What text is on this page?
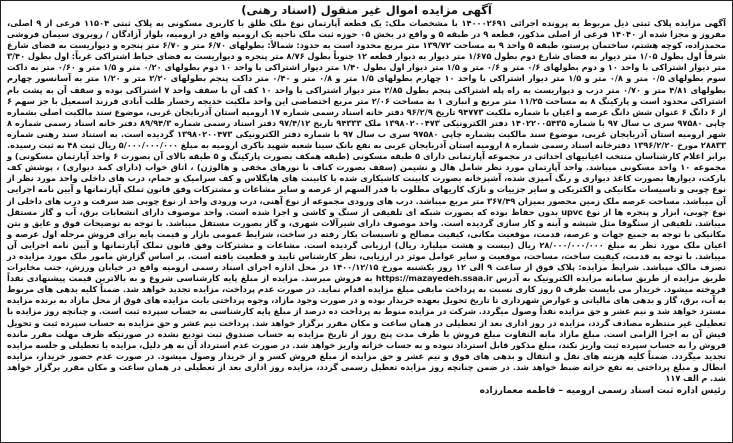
آگهی مزایده اموال غیر منقول (اسناد رهنی)

آگهی مزایده پلاک ثبتی ذیل مربوط به پرونده اجرائی ۱۴۰۰۰۲۶۹۱ با مشخصات ملک: یک قطعه آپارتمان نوع ملک طلق با کاربری مسکونی به پلاک ثبتی ۱۱۵۰۴ فرعی از ۹ اصلی، مفروز و مجزا شده از ۱۴۰۴۰ فرعی از اصلی مذکور، قطعه ۹ در طبقه ۵ و واقع در بخش ۰۵ حوزه ثبت ملک ناحیه یک ارومیه واقع در ارومیه، بلوار آزادگان / روبروی سیمان فروشی محمدزاده، کوچه هشتم، ساختمان پرستو، طبقه ۵ واحد ۹ به مساحت ۱۳۹/۷۲ متر مربع محدود است به حدود: شمالاً: بطولهای ۶/۷۰ متر و ۶/۷۰ متر پنجره و دیواریست به فضای شارع شرقاً اول بطول ۱/۰۵ متر دیوار به فضای شارع دوم بطول ۱/۶۷۵ متر دیوار به دیوار قطعه ۱۲ جنوباً بطول ۸/۷۶ متر پنجره و دیواریست به فضای حیاط اشتراکی غرباً: اول بطول ۳/۴۰ متر دیوار اشتراکی با واحد ۱۰ و دوم بطولهای ۰/۶ متر و ۰/۶ متر و ۱/۵ متر دیوار اول بطول ۱/۴۰ متر دیوار اشتراکی با واحد ۱۰ دوم بطولهای ۰/۲۰ متر و ۱/۵ متر و ۰/۶۰ متر به داکت سوم بطولهای ۰/۵ متر و ۰/۸ متر و ۱/۵ متر دیوار اشتراکی با واحد ۱۰ چهارم بطولهای ۱/۵ متر و ۰/۸ متر و ۰/۴۰ متر داکت پنجم بطولهای ۲/۲۰ متر و ۱/۲۰ متر به آسانسور چهارم بطولهای ۴/۸۱ متر و ۰/۷۰ متر درب و دیواریست به راه پله اشتراکی پنجم بطول ۲/۸۵ متر دیوار اشتراکی با واحد ۱۰ کف آن با سقف واحد ۷ اشتراکی بوده و سقف آن به پشت بام اشتراکی محدود است و پارکینگ ۸ به مساحت ۱۱/۲۵ متر مربع و انباری ۱ به مساحت ۲/۰۶ متر مربع اختصاصی این واحد ملکیت خدیجه رخسار طلب آبادی فرزند اسمعیل با جز سهم ۶ از ۶ دانگ ۶ عنوان شش دانگ عرصه و اعیان با شماره ملکیت ۹۴۷۷۳ تاریخ ۹۶/۲/۹ دفتر خانه اسناد رسمی شماره ۱۷ ارومیه استان آذربایجان غربی، موضوع سند مالکیت اصلی بشماره چاپی ۹۷۵۸۰ سری ب سال ۹۷ با شماره ۱۴۰۲۲۰۰۵۴۳۵ دفتر الکترونیکی ۱۳۹۸۰۲۰۰۴۷۳ ملک ۹۴۳۳۳ تاریخ ۹۷/۴/۱۲ دفتر اسناد رسمی شماره ۸۹/۹۴/۳ دفتر خانه اسناد رسمی شماره ۸ شهر ارومیه استان آذربایجان غربی، موضوع سند مالکیت بشماره چاپی ۹۷۵۸۰ سری ب سال ۹۷ با شماره دفتر الکترونیکی ۱۳۹۸۰۲۰۰۴۷۳ گردیده است. به استناد سند رهنی شماره ۲۸۸۳۳ مورخ ۱۳۹۶/۲/۲۰ دفترخانه اسناد رسمی شماره ۸ ارومیه استان آذربایجان غربی به نفع بانک سینا شعبه شهید باکری ارومیه به مبلغ ۵/۰۰۰/۰۰۰/۰۰۰ ریال ثبت ۴۸ به ثبت رسیده. برابر اعلام کارشناسان منتخب اعیانیهای احداثی در مجموعه آپارتمانی دارای ۵ طبقه مسکونی (طبقه همکف بصورت پارکینگ و ۵ طبقه بالای آن بصورت ۶ واحد آپارتمان مسکونی) و مجموعه ۱۰ واحد مسکونی میباشد. واحد آپارتمان مورد نظر شامل هال و نشیمن (سقف بصورت کناف با نورهای مخفی و هالوژن) ، اتاق خواب (دارای کمد دیواری) ، پوشش کف پارکت، دیوارها بصورت کاغذ دیواری و رنگ آمیزی شده، آشپزخانه بصورت کابینت کاشیکاری شده با کابینت های هایگلاس و کف سرامیک و حمام، درب های داخلی واحد مورد نظر از نوع چوبی و تاسیسات مکانیکی و الکتریکی و سایر جزییات و نازک کاریهای مطلوب با قدر السهم از عرصه و سایر مشاعات و مشترکات وفق قانون تملک آپارتمانها و آیین نامه اجرایی آن میباشد. مساحت عرصه ملک زمین محصور بمیزان ۳۶۷/۴۹ متر مربع میباشد. درب های ورودی مجموعه از نوع آهنی، درب ورودی واحد از نوع چوبی ضد سرقت و درب های داخلی از نوع چوبی، ابزار و پنجره ها از نوع upvc بدون حفاظ بوده که بصورت شبکه ای تلفیقی از سنگ و کاشی و اجرا شده است. واحد موصوف دارای انشعابات برق، آب و گاز مستقل میباشد. تلفیقی از سنگوفا مثل شیشه و آینه و کار سازی گردیده است. واحد موصوف دارای شیرآلات شهری، و گاز بصورت مستقل میباشد. با توجه به توضیحات فوق و عایق و بتن مکانیکی با توجه به جمیع جهات و عرصه، قدمت، موقعیت مکانی، کیفیت مصالح و تاسیسات بکار رفته در ساخت، شرایط عمومی بازار و قیمت پایه برای فروش مرحله اول عرصه و اعیان ملک مورد نظر به مبلغ ۲۸/۰۰۰/۰۰۰/۰۰۰ ریال (بیست و هشت میلیارد ریال) ارزیابی گردیده است. مشاعات و مشترکات وفق قانون تملک آپارتمانها و آیین نامه اجرایی آن میباشد. با توجه به قدمت، کیفیت ساخت، مساحت، موقعیت و سایر عوامل موثر در ارزیابی، نظر کارشناس تایید و قطعیت یافته است. بر اساس گزارش مامور ملک مورد مزایده در تصرف مالک میباشد. شرایط مزایده: پلاک فوق از ساعت ۹ الی ۱۲ روز یکشنبه مورخ ۱۴۰۰/۱۲/۱۵ در محل اداره اجرای اسناد رسمی ارومیه واقع در خیابان ورزش، جنب مخابرات طریق مزایده از طریق سامانه مزایده الکترونیک به آدرس https://mazayedeh.ssaa.ir به فروش میرسد. مزایده از مبلغ پایه کارشناسی شروع و به بالاترین قیمت پیشنهادی نقداً فروخته میشود. خریدار می بایست ظرف ۵ روز کاری نسبت به پرداخت مابقی مبلغ مزایده اقدام نماید. در صورت عدم پرداخت، مزایده تجدید خواهد شد. ضمناً کلیه بدهی های مربوط به آب، برق، گاز و بدهی های مالیاتی و عوارض شهرداری تا تاریخ تحویل بعهده خریدار بوده و در صورت وجود مازاد، وجوه پرداختی بابت مزایده های فوق از محل مازاد به برنده مزایده مسترد خواهد شد و نیم عشر و حق مزایده نقداً وصول میگردد. شرکت در مزایده منوط به پرداخت ده درصد از مبلغ پایه کارشناسی به حساب سپرده ثبت است. و چنانچه روز مزایده با تعطیلی غیر منتظره مصادف گردد، مزایده در روز اداری بعد از تعطیلی در همان ساعت و مکان مقرر برگزار خواهد شد. پرداخت نیم عشر و حق مزایده به حساب سپرده ثبت و تحویل فیش آن به اجرا الزامی است. مبلغ مازاد مابه التفاوت مبلغ فروش با ظرف مدت پنج روز از تاریخ مزایده به حساب صندوق ثبت تودیع نشده در صورتیکه ظرف مهلت مقرر مانده فروش را به حساب سپرده ثبت واریز نکند، مبلغ مذکور قابل استرداد نبوده و به حساب خزانه واریز خواهد شد. در صورت عدم استرداد آن به هر دلیل، مزایده با تعطیلی و جلسه مزایده تجدید میگردد. ضمناً کلیه هزینه های نقل و انتقال و بدهی های فوق و نیم عشر و حق مزایده از مبلغ فروش کسر و از خریدار وصول میشود. در صورت عدم حضور خریدار، مزایده ابطال و مبلغ پرداختی به نفع خزانه ضبط خواهد شد. در ضمن چنانچه روز مزایده تعطیل رسمی گردد، مزایده روز اداری بعد از تعطیلی در همان ساعت و مکان مقرر برگزار خواهد شد. م الف ۱۱۷

رئیس اداره ثبت اسناد رسمی ارومیه – فاطمه معمارزاده
